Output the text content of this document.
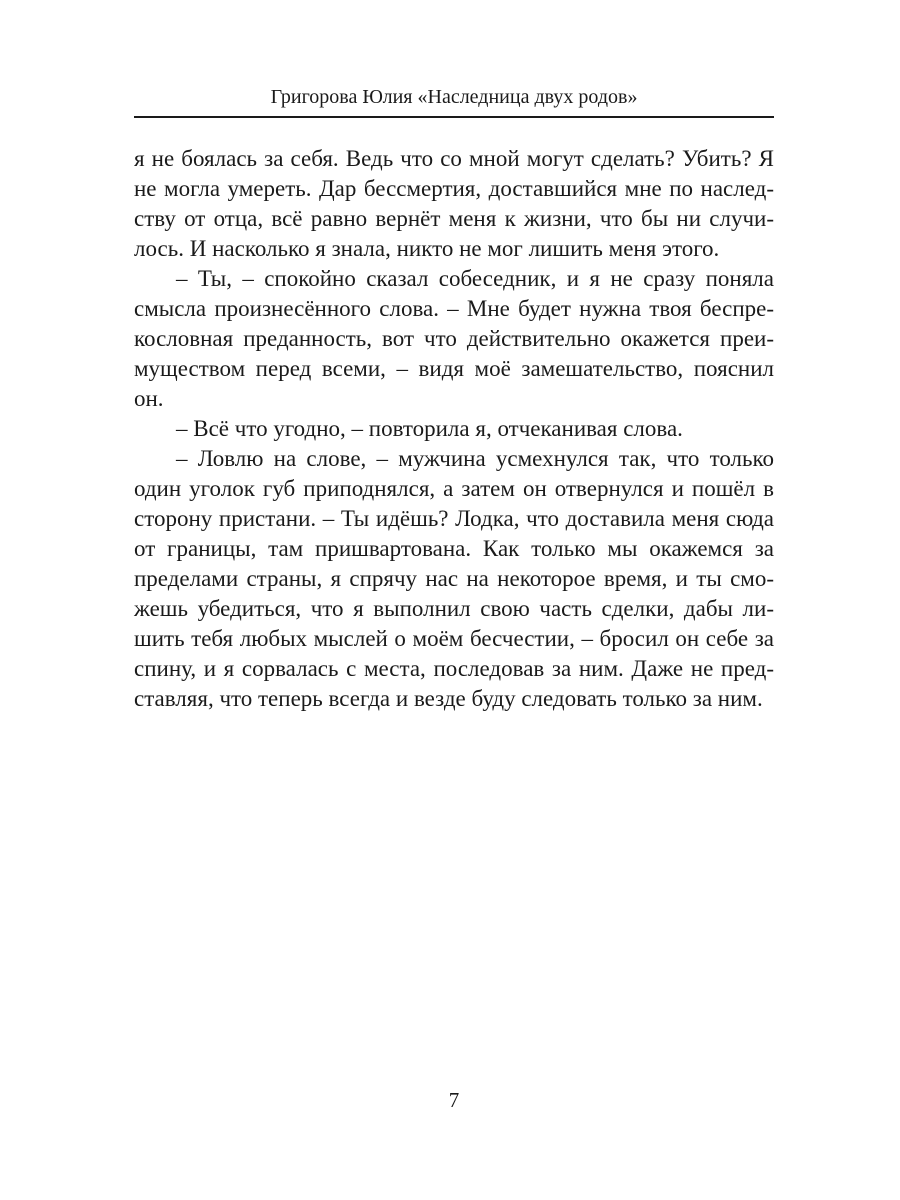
Григорова Юлия «Наследница двух родов»
я не боялась за себя. Ведь что со мной могут сделать? Убить? Я
не могла умереть. Дар бессмертия, доставшийся мне по наслед-
ству от отца, всё равно вернёт меня к жизни, что бы ни случи-
лось. И насколько я знала, никто не мог лишить меня этого.
– Ты, – спокойно сказал собеседник, и я не сразу поняла
смысла произнесённого слова. – Мне будет нужна твоя беспре-
кословная преданность, вот что действительно окажется преи-
муществом перед всеми, – видя моё замешательство, пояснил
он.
– Всё что угодно, – повторила я, отчеканивая слова.
– Ловлю на слове, – мужчина усмехнулся так, что только
один уголок губ приподнялся, а затем он отвернулся и пошёл в
сторону пристани. – Ты идёшь? Лодка, что доставила меня сюда
от границы, там пришвартована. Как только мы окажемся за
пределами страны, я спрячу нас на некоторое время, и ты смо-
жешь убедиться, что я выполнил свою часть сделки, дабы ли-
шить тебя любых мыслей о моём бесчестии, – бросил он себе за
спину, и я сорвалась с места, последовав за ним. Даже не пред-
ставляя, что теперь всегда и везде буду следовать только за ним.
7
